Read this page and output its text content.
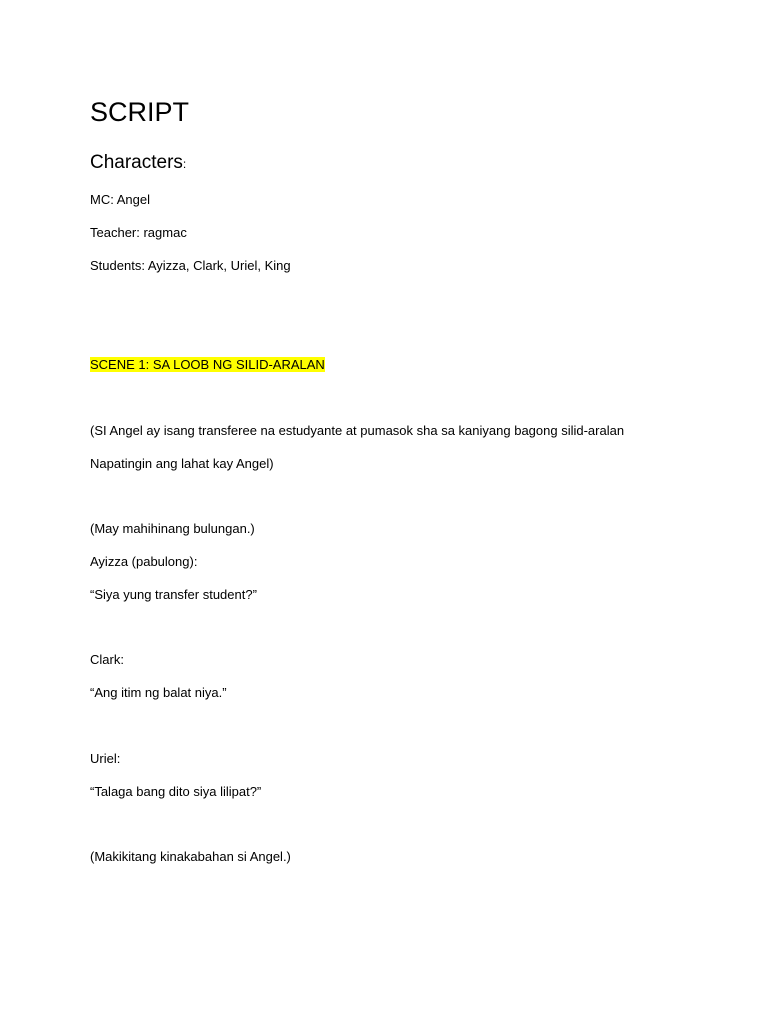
SCRIPT
Characters:
MC: Angel
Teacher: ragmac
Students: Ayizza, Clark, Uriel, King
SCENE 1: SA LOOB NG SILID-ARALAN
(SI Angel ay isang transferee na estudyante at pumasok sha sa kaniyang bagong silid-aralan
Napatingin ang lahat kay Angel)
(May mahihinang bulungan.)
Ayizza (pabulong):
“Siya yung transfer student?”
Clark:
“Ang itim ng balat niya.”
Uriel:
“Talaga bang dito siya lilipat?”
(Makikitang kinakabahan si Angel.)
